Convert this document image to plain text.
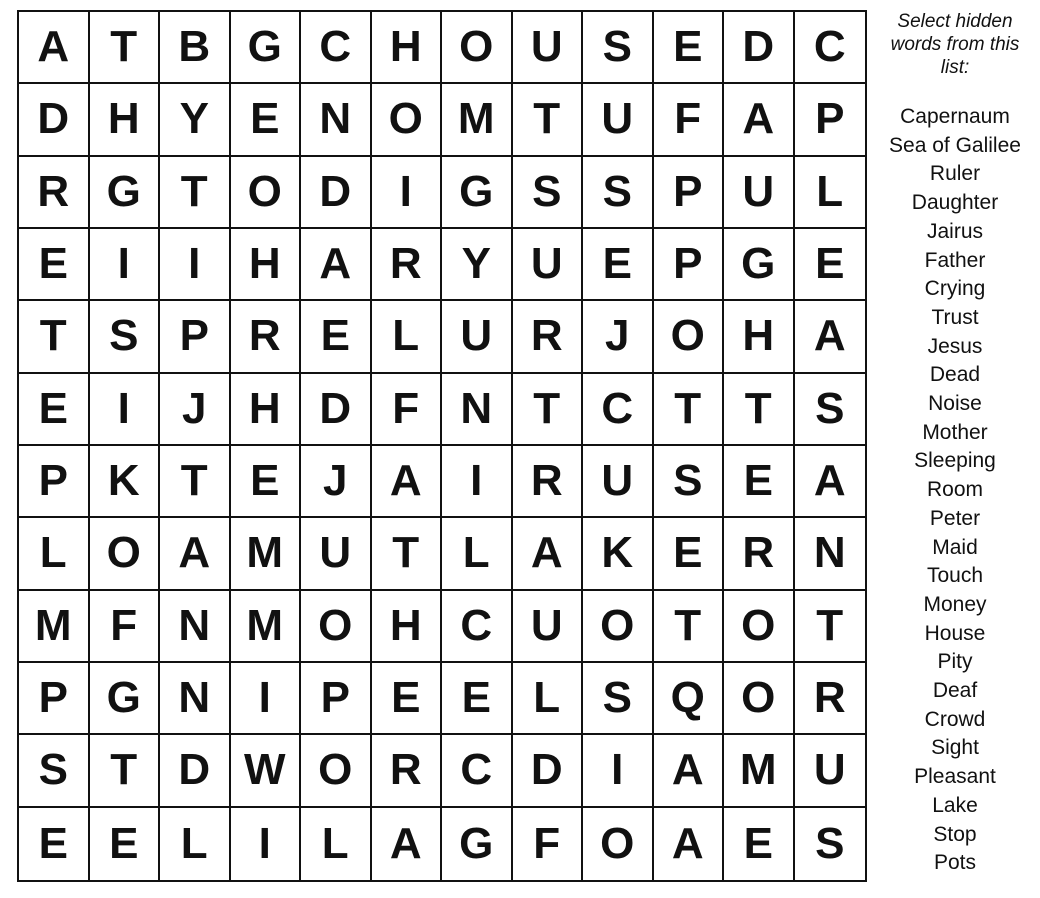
A T B G C H O U S E D C
D H Y E N O M T U F A P
R G T O D	I	G S S P U L
E	I	I	H A R Y U E P G E
T S P R E L U R J O H A
E	I	J H D F N T C T T S
P K T E J A	I	R U S E A
L O A M U T L A K E R N
M F N M O H C U O T O T
P G N	I	P E E L S Q O R
S T D W O R C D	I	A M U
E E L	I	L A G F O A E S
Select hidden words from this list:
Capernaum
Sea of Galilee
Ruler
Daughter
Jairus
Father
Crying
Trust
Jesus
Dead
Noise
Mother
Sleeping
Room
Peter
Maid
Touch
Money
House
Pity
Deaf
Crowd
Sight
Pleasant
Lake
Stop
Pots
